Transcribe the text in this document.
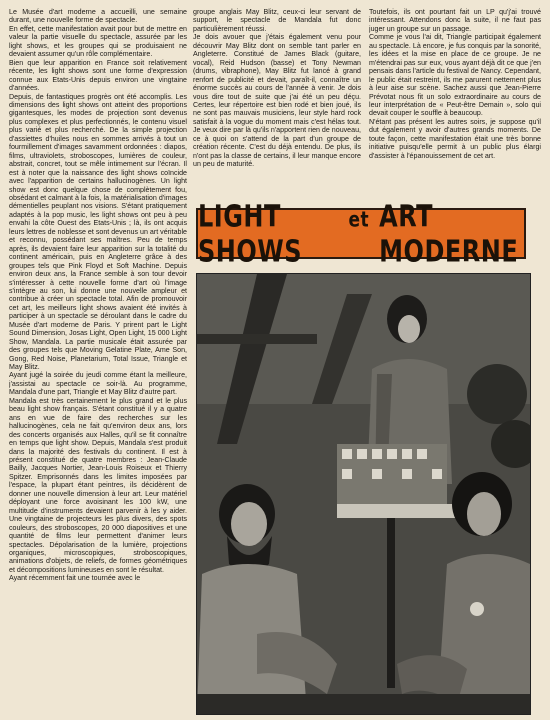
Le Musée d'art moderne a accueilli, une semaine durant, une nouvelle forme de spectacle.

En effet, cette manifestation avait pour but de mettre en valeur la partie visuelle du spectacle, assurée par les light shows, et les groupes qui se produisaient ne devaient assumer qu'un rôle complémentaire.

Bien que leur apparition en France soit relativement récente, les light shows sont une forme d'expression connue aux Etats-Unis depuis environ une vingtaine d'années.

Depuis, de fantastiques progrès ont été accomplis. Les dimensions des light shows ont atteint des proportions gigantesques, les modes de projection sont devenus plus complexes et plus perfectionnés, le contenu visuel plus varié et plus recherché. De la simple projection d'assiettes d'huiles nous en sommes arrivés à tout un fourmillement d'images savamment ordonnées : diapos, films, ultraviolets, stroboscopes, lumières de couleur, abstrait, concret, tout se mêle intimement sur l'écran. Il est à noter que la naissance des light shows coïncide avec l'apparition de certains hallucinogènes. Un light show est donc quelque chose de complètement fou, obsédant et calmant à la fois, la matérialisation d'images démentielles peuplant nos visions. S'étant pratiquement adaptés à la pop music, les light shows ont peu à peu envahi la côte Ouest des Etats-Unis ; là, ils ont acquis leurs lettres de noblesse et sont devenus un art véritable et reconnu, possédant ses maîtres. Peu de temps après, ils devaient faire leur apparition sur la totalité du continent américain, puis en Angleterre grâce à des groupes tels que Pink Floyd et Soft Machine. Depuis environ deux ans, la France semble à son tour devoir s'intéresser à cette nouvelle forme d'art où l'image s'intègre au son, lui donne une nouvelle ampleur et contribue à créer un spectacle total. Afin de promouvoir cet art, les meilleurs light shows avaient été invités à participer à un spectacle se déroulant dans le cadre du Musée d'art moderne de Paris. Y prirent part le Light Sound Dimension, Josas Light, Open Light, 15 000 Light Show, Mandala. La partie musicale était assurée par des groupes tels que Moving Gelatine Plate, Ame Son, Gong, Red Noise, Planetarium, Total Issue, Triangle et May Blitz.

Ayant jugé la soirée du jeudi comme étant la meilleure, j'assistai au spectacle ce soir-là. Au programme, Mandala d'une part, Triangle et May Blitz d'autre part.

Mandala est très certainement le plus grand et le plus beau light show français. S'étant constitué il y a quatre ans en vue de faire des recherches sur les hallucinogènes, cela ne fait qu'environ deux ans, lors des concerts organisés aux Halles, qu'il se fit connaître en temps que light show. Depuis, Mandala s'est produit dans la majorité des festivals du continent. Il est à présent constitué de quatre membres : Jean-Claude Bailly, Jacques Nortier, Jean-Louis Roiseux et Thierry Spitzer. Emprisonnés dans les limites imposées par l'espace, la plupart étant peintres, ils décidèrent de donner une nouvelle dimension à leur art. Leur matériel déployant une force avoisinant les 100 kW, une multitude d'instruments devaient parvenir à les y aider. Une vingtaine de projecteurs les plus divers, des spots couleurs, des stroboscopes, 20 000 diapositives et une quantité de films leur permettent d'animer leurs spectacles. Dépolarisation de la lumière, projections organiques, microscopiques, stroboscopiques, animations d'objets, de reliefs, de formes géométriques et décompositions lumineuses en sont le résultat.

Ayant récemment fait une tournée avec le

groupe anglais May Blitz, ceux-ci leur servant de support, le spectacle de Mandala fut donc particulièrement réussi.

Je dois avouer que j'étais également venu pour découvrir May Blitz dont on semble tant parler en Angleterre. Constitué de James Black (guitare, vocal), Reid Hudson (basse) et Tony Newman (drums, vibraphone), May Blitz fut lancé à grand renfort de publicité et devait, paraît-il, connaître un énorme succès au cours de l'année à venir. Je dois vous dire tout de suite que j'ai été un peu déçu. Certes, leur répertoire est bien rodé et bien joué, ils ne sont pas mauvais musiciens, leur style hard rock satisfait à la vogue du moment mais c'est hélas tout. Je veux dire par là qu'ils n'apportent rien de nouveau, ce à quoi on s'attend de la part d'un groupe de création récente. C'est du déjà entendu. De plus, ils n'ont pas la classe de certains, il leur manque encore un peu de maturité.

Toutefois, ils ont pourtant fait un LP qu'j'ai trouvé intéressant. Attendons donc la suite, il ne faut pas juger un groupe sur un passage.

Comme je vous l'ai dit, Triangle participait également au spectacle. Là encore, je fus conquis par la sonorité, les idées et la mise en place de ce groupe. Je ne m'étendrai pas sur eux, vous ayant déjà dit ce que j'en pensais dans l'article du festival de Nancy. Cependant, le public était restreint, ils me parurent nettement plus à leur aise sur scène. Sachez aussi que Jean-Pierre Prévotat nous fit un solo extraordinaire au cours de leur interprétation de « Peut-être Demain », solo qui devait couper le souffle à beaucoup.

N'étant pas présent les autres soirs, je suppose qu'il dut également y avoir d'autres grands moments. De toute façon, cette manifestation était une très bonne initiative puisqu'elle permit à un public plus élargi d'assister à l'épanouissement de cet art.

LIGHT SHOWS
et ART MODERNE
